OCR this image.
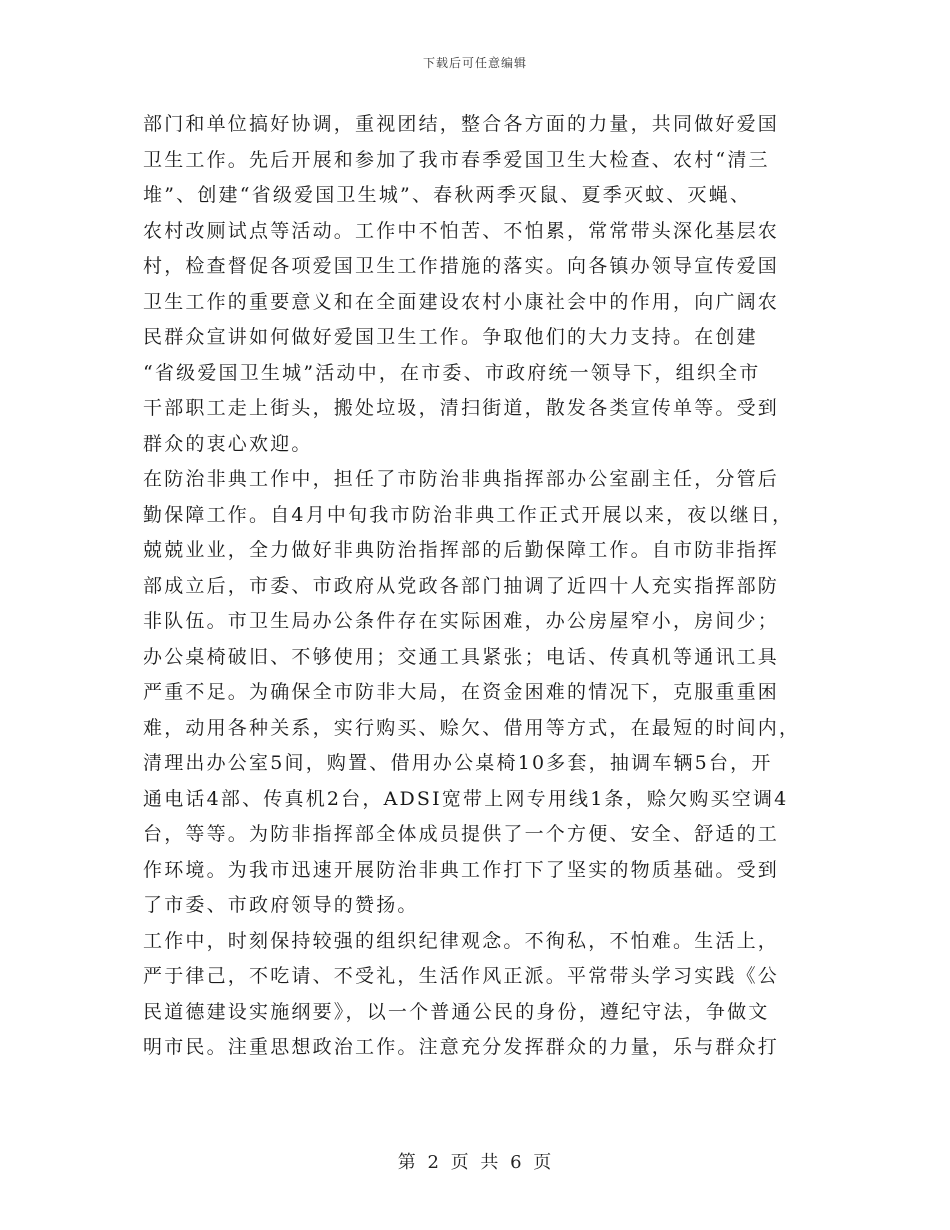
下载后可任意编辑
部门和单位搞好协调，重视团结，整合各方面的力量，共同做好爱国
卫生工作。先后开展和参加了我市春季爱国卫生大检查、农村“清三
堆”、创建“省级爱国卫生城”、春秋两季灭鼠、夏季灭蚊、灭蝇、
农村改厕试点等活动。工作中不怕苦、不怕累，常常带头深化基层农
村，检查督促各项爱国卫生工作措施的落实。向各镇办领导宣传爱国
卫生工作的重要意义和在全面建设农村小康社会中的作用，向广阔农
民群众宣讲如何做好爱国卫生工作。争取他们的大力支持。在创建
“省级爱国卫生城”活动中，在市委、市政府统一领导下，组织全市
干部职工走上街头，搬处垃圾，清扫街道，散发各类宣传单等。受到
群众的衷心欢迎。
在防治非典工作中，担任了市防治非典指挥部办公室副主任，分管后
勤保障工作。自4月中旬我市防治非典工作正式开展以来，夜以继日，
兢兢业业，全力做好非典防治指挥部的后勤保障工作。自市防非指挥
部成立后，市委、市政府从党政各部门抽调了近四十人充实指挥部防
非队伍。市卫生局办公条件存在实际困难，办公房屋窄小，房间少；
办公桌椅破旧、不够使用；交通工具紧张；电话、传真机等通讯工具
严重不足。为确保全市防非大局，在资金困难的情况下，克服重重困
难，动用各种关系，实行购买、赊欠、借用等方式，在最短的时间内，
清理出办公室5间，购置、借用办公桌椅10多套，抽调车辆5台，开
通电话4部、传真机2台，ADSI宽带上网专用线1条，赊欠购买空调4
台，等等。为防非指挥部全体成员提供了一个方便、安全、舒适的工
作环境。为我市迅速开展防治非典工作打下了坚实的物质基础。受到
了市委、市政府领导的赞扬。
工作中，时刻保持较强的组织纪律观念。不徇私，不怕难。生活上，
严于律己，不吃请、不受礼，生活作风正派。平常带头学习实践《公
民道德建设实施纲要》，以一个普通公民的身份，遵纪守法，争做文
明市民。注重思想政治工作。注意充分发挥群众的力量，乐与群众打
第 2 页 共 6 页
